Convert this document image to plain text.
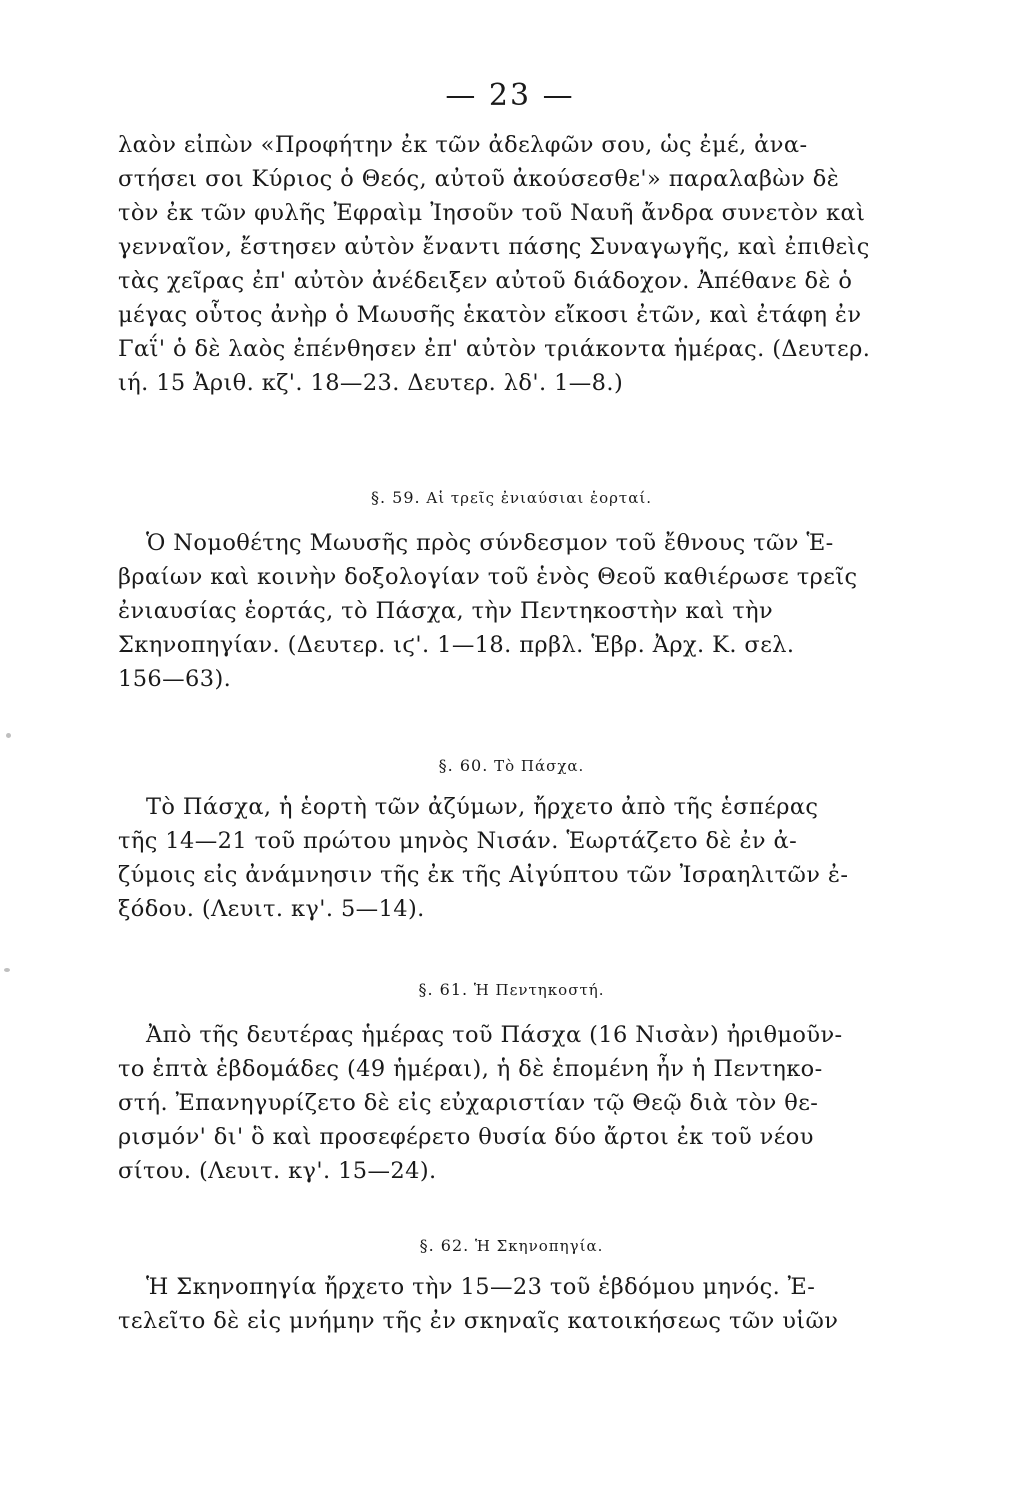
— 23 —
λαὸν εἰπὼν «Προφήτην ἐκ τῶν ἀδελφῶν σου, ὡς ἐμέ, ἀνα-
στήσει σοι Κύριος ὁ Θεός, αὐτοῦ ἀκούσεσθε'» παραλαβὼν δὲ
τὸν ἐκ τῶν φυλῆς Ἐφραὶμ Ἰησοῦν τοῦ Ναυῆ ἄνδρα συνετὸν καὶ
γενναῖον, ἔστησεν αὐτὸν ἔναντι πάσης Συναγωγῆς, καὶ ἐπιθεὶς
τὰς χεῖρας ἐπ' αὐτὸν ἀνέδειξεν αὐτοῦ διάδοχον. Ἀπέθανε δὲ ὁ
μέγας οὗτος ἀνὴρ ὁ Μωυσῆς ἑκατὸν εἴκοσι ἐτῶν, καὶ ἐτάφη ἐν
Γαΐ' ὁ δὲ λαὸς ἐπένθησεν ἐπ' αὐτὸν τριάκοντα ἡμέρας. (Δευτερ.
ιή. 15 Ἀριθ. κζ'. 18—23. Δευτερ. λδ'. 1—8.)
§. 59. Αἱ τρεῖς ἐνιαύσιαι ἑορταί.
Ὁ Νομοθέτης Μωυσῆς πρὸς σύνδεσμον τοῦ ἔθνους τῶν Ἑ-
βραίων καὶ κοινὴν δοξολογίαν τοῦ ἑνὸς Θεοῦ καθιέρωσε τρεῖς
ἐνιαυσίας ἑορτάς, τὸ Πάσχα, τὴν Πεντηκοστὴν καὶ τὴν
Σκηνοπηγίαν. (Δευτερ. ιϛ'. 1—18. πρβλ. Ἑβρ. Ἀρχ. Κ. σελ.
156—63).
§. 60. Τὸ Πάσχα.
Τὸ Πάσχα, ἡ ἑορτὴ τῶν ἀζύμων, ἤρχετο ἀπὸ τῆς ἑσπέρας
τῆς 14—21 τοῦ πρώτου μηνὸς Νισάν. Ἑωρτάζετο δὲ ἐν ἀ-
ζύμοις εἰς ἀνάμνησιν τῆς ἐκ τῆς Αἰγύπτου τῶν Ἰσραηλιτῶν ἐ-
ξόδου. (Λευιτ. κγ'. 5—14).
§. 61. Ἡ Πεντηκοστή.
Ἀπὸ τῆς δευτέρας ἡμέρας τοῦ Πάσχα (16 Νισὰν) ἠριθμοῦν-
το ἑπτὰ ἑβδομάδες (49 ἡμέραι), ἡ δὲ ἑπομένη ἦν ἡ Πεντηκο-
στή. Ἐπανηγυρίζετο δὲ εἰς εὐχαριστίαν τῷ Θεῷ διὰ τὸν θε-
ρισμόν' δι' ὃ καὶ προσεφέρετο θυσία δύο ἄρτοι ἐκ τοῦ νέου
σίτου. (Λευιτ. κγ'. 15—24).
§. 62. Ἡ Σκηνοπηγία.
Ἡ Σκηνοπηγία ἤρχετο τὴν 15—23 τοῦ ἑβδόμου μηνός. Ἐ-
τελεῖτο δὲ εἰς μνήμην τῆς ἐν σκηναῖς κατοικήσεως τῶν υἱῶν
